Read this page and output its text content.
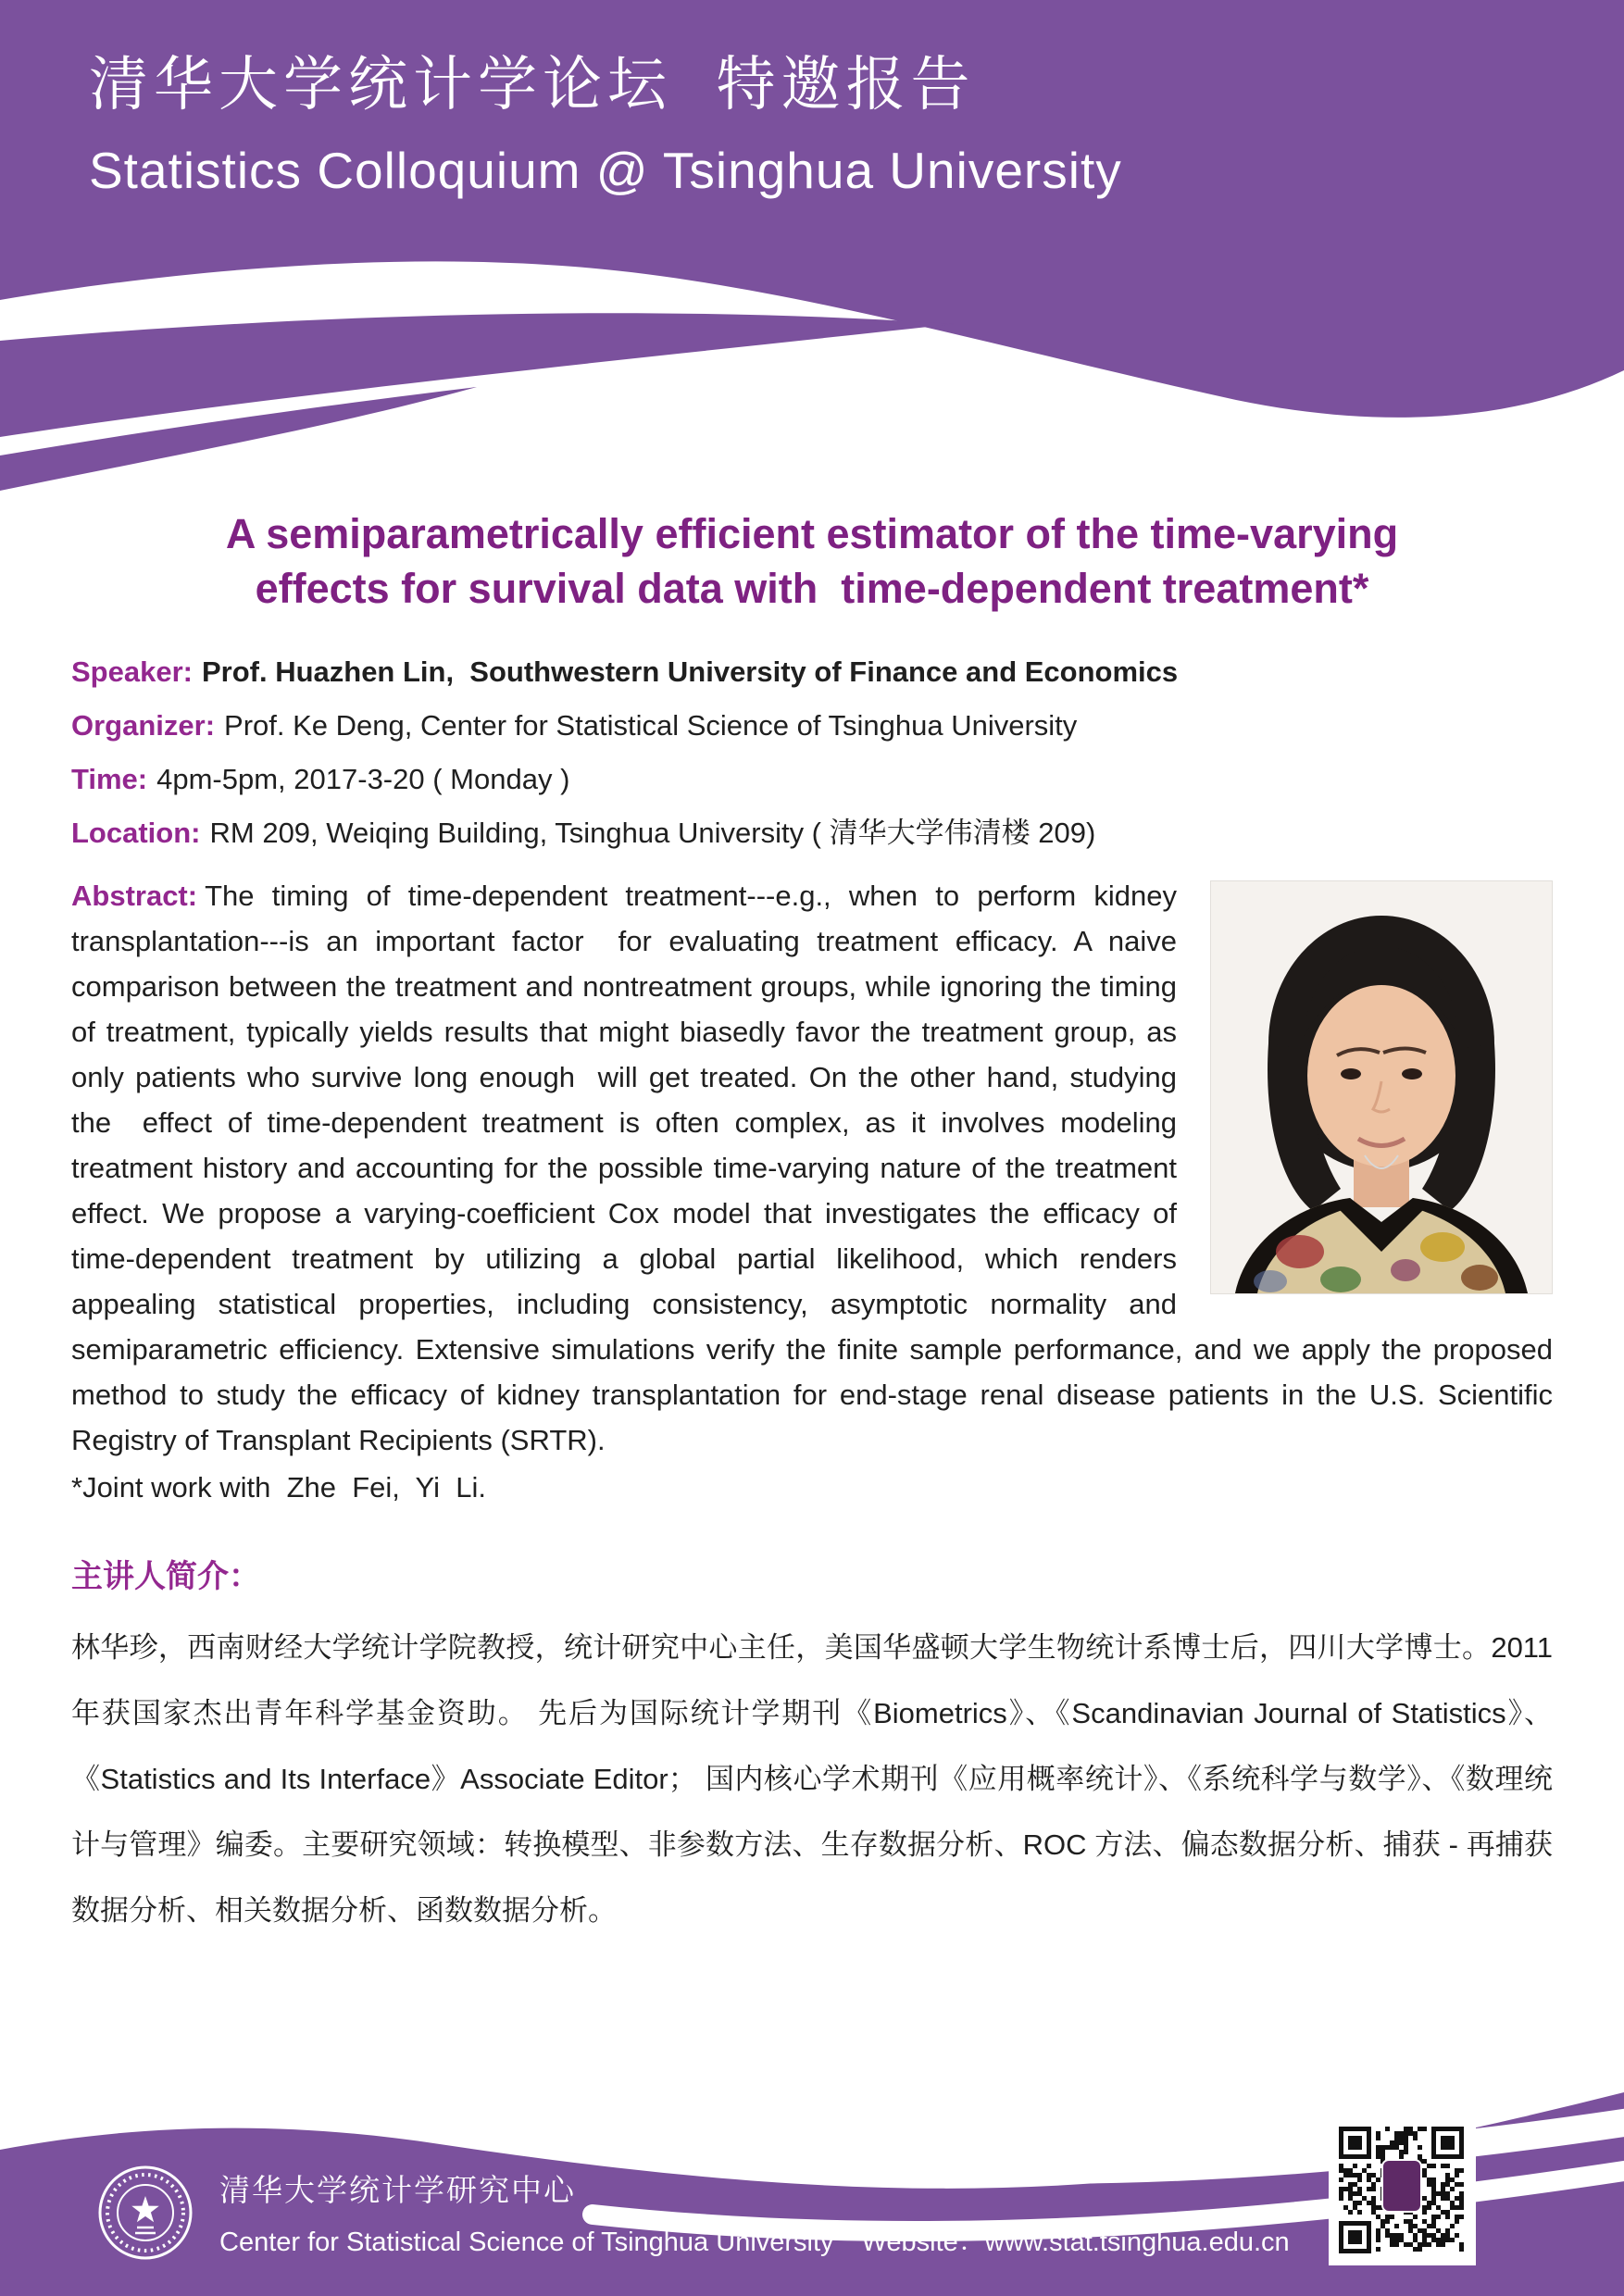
清华大学统计学论坛  特邀报告
Statistics Colloquium @ Tsinghua University
A semiparametrically efficient estimator of the time-varying
effects for survival data with  time-dependent treatment*
Speaker: Prof. Huazhen Lin,  Southwestern University of Finance and Economics
Organizer: Prof. Ke Deng, Center for Statistical Science of Tsinghua University
Time: 4pm-5pm, 2017-3-20 ( Monday )
Location: RM 209, Weiqing Building, Tsinghua University ( 清华大学伟清楼 209)
Abstract: The timing of time-dependent treatment---e.g., when to perform kidney transplantation---is an important factor  for evaluating treatment efficacy. A naive comparison between the treatment and nontreatment groups, while ignoring the timing of treatment, typically yields results that might biasedly favor the treatment group, as only patients who survive long enough  will get treated. On the other hand, studying the  effect of time-dependent treatment is often complex, as it involves modeling treatment history and accounting for the possible time-varying nature of the treatment effect. We propose a varying-coefficient Cox model that investigates the efficacy of time-dependent treatment by utilizing a global partial likelihood, which renders appealing statistical properties, including consistency, asymptotic normality and semiparametric efficiency. Extensive simulations verify the finite sample performance, and we apply the proposed method to study the efficacy of kidney transplantation for end-stage renal disease patients in the U.S. Scientific Registry of Transplant Recipients (SRTR).
*Joint work with  Zhe  Fei,  Yi  Li.
主讲人简介：
林华珍，西南财经大学统计学院教授，统计研究中心主任，美国华盛顿大学生物统计系博士后，四川大学博士。2011 年获国家杰出青年科学基金资助。 先后为国际统计学期刊《Biometrics》、《Scandinavian Journal of Statistics》、《Statistics and Its Interface》Associate Editor； 国内核心学术期刊《应用概率统计》、《系统科学与数学》、《数理统计与管理》编委。主要研究领域：转换模型、非参数方法、生存数据分析、ROC 方法、偏态数据分析、捕获 - 再捕获数据分析、相关数据分析、函数数据分析。
清华大学统计学研究中心
Center for Statistical Science of Tsinghua University Website：www.stat.tsinghua.edu.cn
